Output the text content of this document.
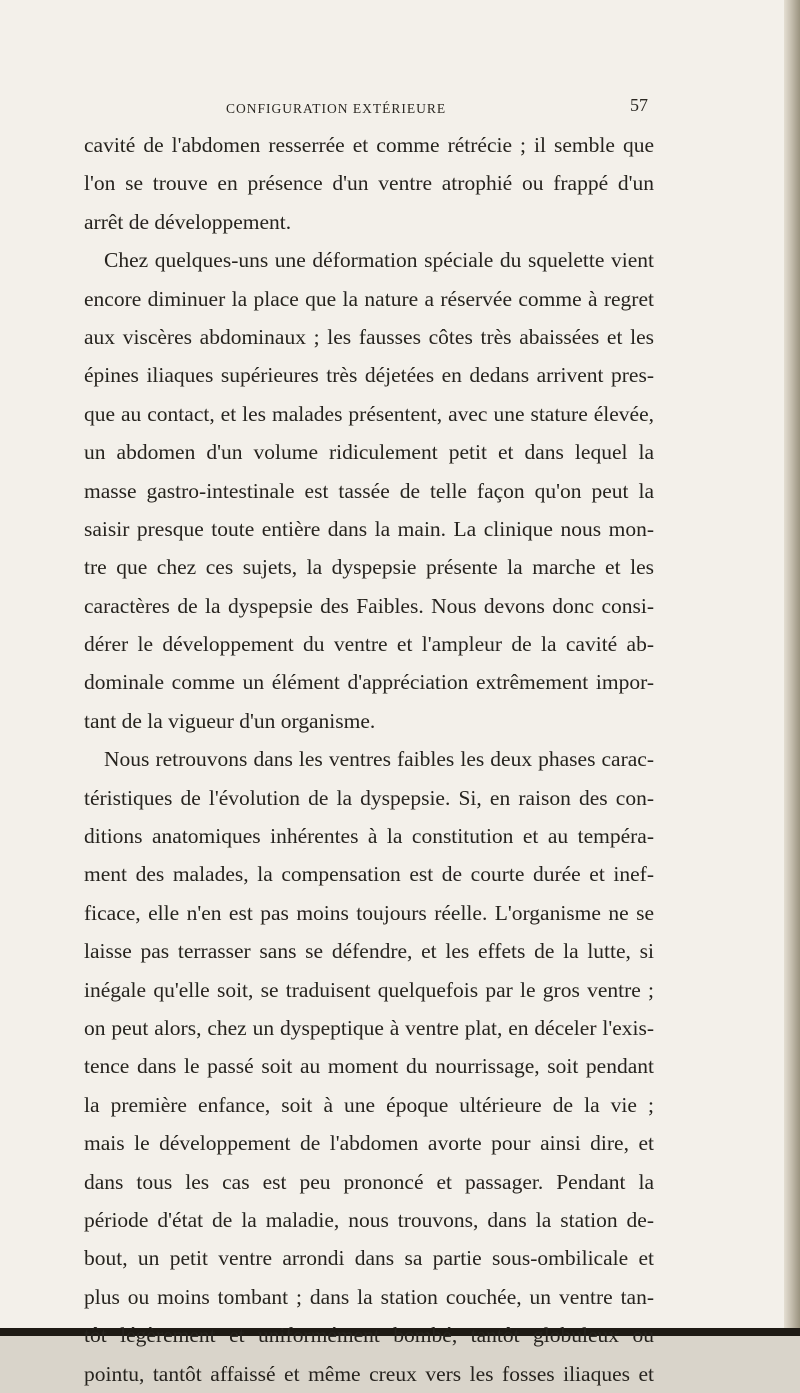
CONFIGURATION EXTÉRIEURE	57
cavité de l'abdomen resserrée et comme rétrécie ; il semble que
l'on se trouve en présence d'un ventre atrophié ou frappé d'un
arrêt de développement.
Chez quelques-uns une déformation spéciale du squelette vient
encore diminuer la place que la nature a réservée comme à regret
aux viscères abdominaux ; les fausses côtes très abaissées et les
épines iliaques supérieures très déjetées en dedans arrivent pres-
que au contact, et les malades présentent, avec une stature élevée,
un abdomen d'un volume ridiculement petit et dans lequel la
masse gastro-intestinale est tassée de telle façon qu'on peut la
saisir presque toute entière dans la main. La clinique nous mon-
tre que chez ces sujets, la dyspepsie présente la marche et les
caractères de la dyspepsie des Faibles. Nous devons donc consi-
dérer le développement du ventre et l'ampleur de la cavité ab-
dominale comme un élément d'appréciation extrêmement impor-
tant de la vigueur d'un organisme.
Nous retrouvons dans les ventres faibles les deux phases carac-
téristiques de l'évolution de la dyspepsie. Si, en raison des con-
ditions anatomiques inhérentes à la constitution et au tempéra-
ment des malades, la compensation est de courte durée et inef-
ficace, elle n'en est pas moins toujours réelle. L'organisme ne se
laisse pas terrasser sans se défendre, et les effets de la lutte, si
inégale qu'elle soit, se traduisent quelquefois par le gros ventre ;
on peut alors, chez un dyspeptique à ventre plat, en déceler l'exis-
tence dans le passé soit au moment du nourrissage, soit pendant
la première enfance, soit à une époque ultérieure de la vie ;
mais le développement de l'abdomen avorte pour ainsi dire, et
dans tous les cas est peu prononcé et passager. Pendant la
période d'état de la maladie, nous trouvons, dans la station de-
bout, un petit ventre arrondi dans sa partie sous-ombilicale et
plus ou moins tombant ; dans la station couchée, un ventre tan-
tôt légèrement et uniformément bombé, tantôt globuleux ou
pointu, tantôt affaissé et même creux vers les fosses iliaques et
